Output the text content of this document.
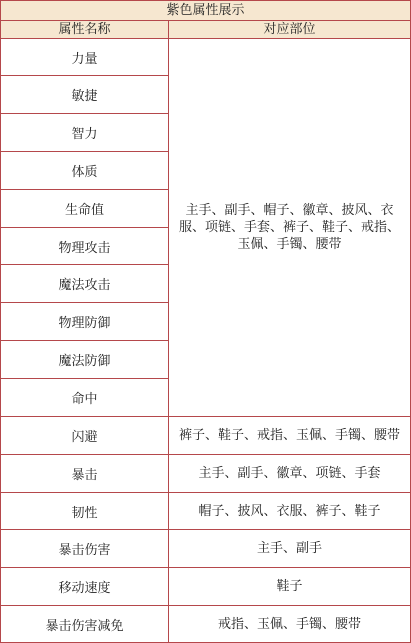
紫色属性展示
属性名称	对应部位
力量
敏捷
智力
体质
生命值
物理攻击
魔法攻击
物理防御
魔法防御
命中
主手、副手、帽子、徽章、披风、衣服、项链、手套、裤子、鞋子、戒指、玉佩、手镯、腰带
闪避	裤子、鞋子、戒指、玉佩、手镯、腰带
暴击	主手、副手、徽章、项链、手套
韧性	帽子、披风、衣服、裤子、鞋子
暴击伤害	主手、副手
移动速度	鞋子
暴击伤害减免	戒指、玉佩、手镯、腰带
